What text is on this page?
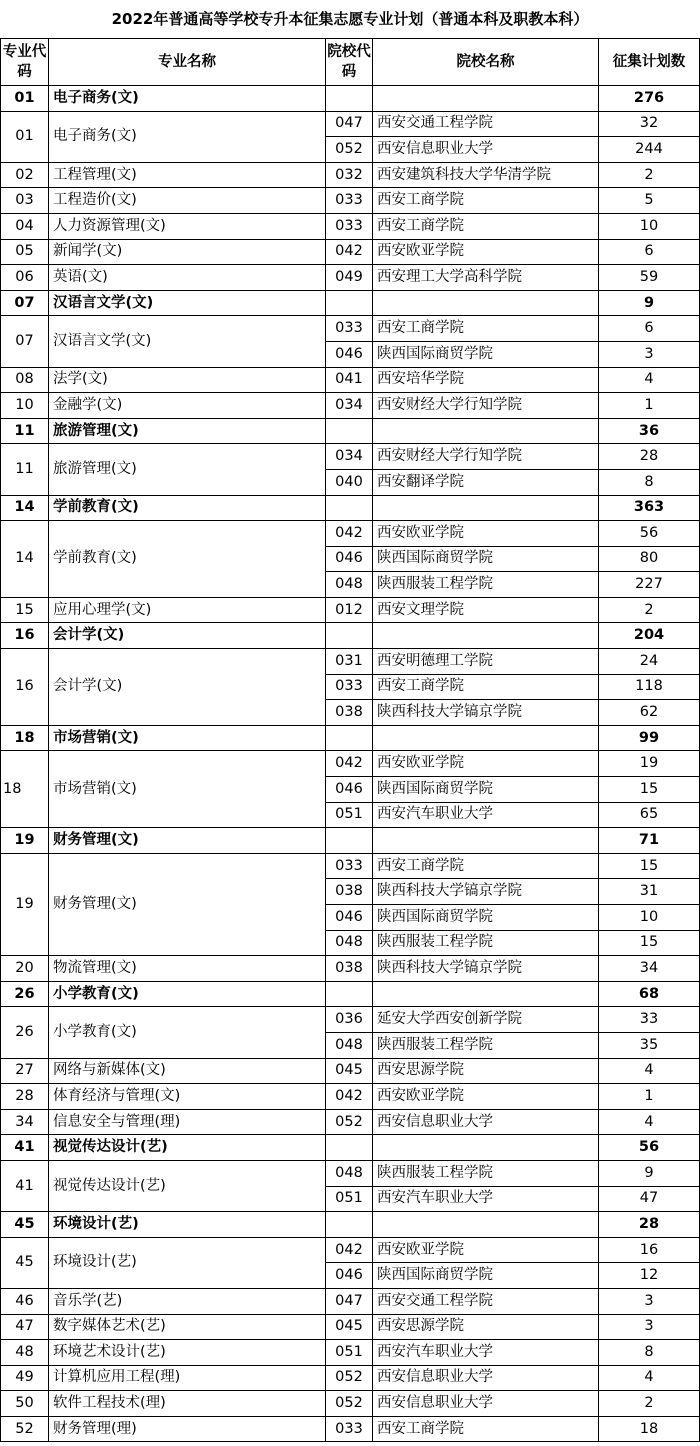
2022年普通高等学校专升本征集志愿专业计划（普通本科及职教本科）
专业代码	专业名称	院校代码	院校名称	征集计划数
01	电子商务(文)			276
01	电子商务(文)	047	西安交通工程学院	32
		052	西安信息职业大学	244
02	工程管理(文)	032	西安建筑科技大学华清学院	2
03	工程造价(文)	033	西安工商学院	5
04	人力资源管理(文)	033	西安工商学院	10
05	新闻学(文)	042	西安欧亚学院	6
06	英语(文)	049	西安理工大学高科学院	59
07	汉语言文学(文)			9
07	汉语言文学(文)	033	西安工商学院	6
		046	陕西国际商贸学院	3
08	法学(文)	041	西安培华学院	4
10	金融学(文)	034	西安财经大学行知学院	1
11	旅游管理(文)			36
11	旅游管理(文)	034	西安财经大学行知学院	28
		040	西安翻译学院	8
14	学前教育(文)			363
14	学前教育(文)	042	西安欧亚学院	56
		046	陕西国际商贸学院	80
		048	陕西服装工程学院	227
15	应用心理学(文)	012	西安文理学院	2
16	会计学(文)			204
16	会计学(文)	031	西安明德理工学院	24
		033	西安工商学院	118
		038	陕西科技大学镐京学院	62
18	市场营销(文)			99
18	市场营销(文)	042	西安欧亚学院	19
		046	陕西国际商贸学院	15
		051	西安汽车职业大学	65
19	财务管理(文)			71
19	财务管理(文)	033	西安工商学院	15
		038	陕西科技大学镐京学院	31
		046	陕西国际商贸学院	10
		048	陕西服装工程学院	15
20	物流管理(文)	038	陕西科技大学镐京学院	34
26	小学教育(文)			68
26	小学教育(文)	036	延安大学西安创新学院	33
		048	陕西服装工程学院	35
27	网络与新媒体(文)	045	西安思源学院	4
28	体育经济与管理(文)	042	西安欧亚学院	1
34	信息安全与管理(理)	052	西安信息职业大学	4
41	视觉传达设计(艺)			56
41	视觉传达设计(艺)	048	陕西服装工程学院	9
		051	西安汽车职业大学	47
45	环境设计(艺)			28
45	环境设计(艺)	042	西安欧亚学院	16
		046	陕西国际商贸学院	12
46	音乐学(艺)	047	西安交通工程学院	3
47	数字媒体艺术(艺)	045	西安思源学院	3
48	环境艺术设计(艺)	051	西安汽车职业大学	8
49	计算机应用工程(理)	052	西安信息职业大学	4
50	软件工程技术(理)	052	西安信息职业大学	2
52	财务管理(理)	033	西安工商学院	18
